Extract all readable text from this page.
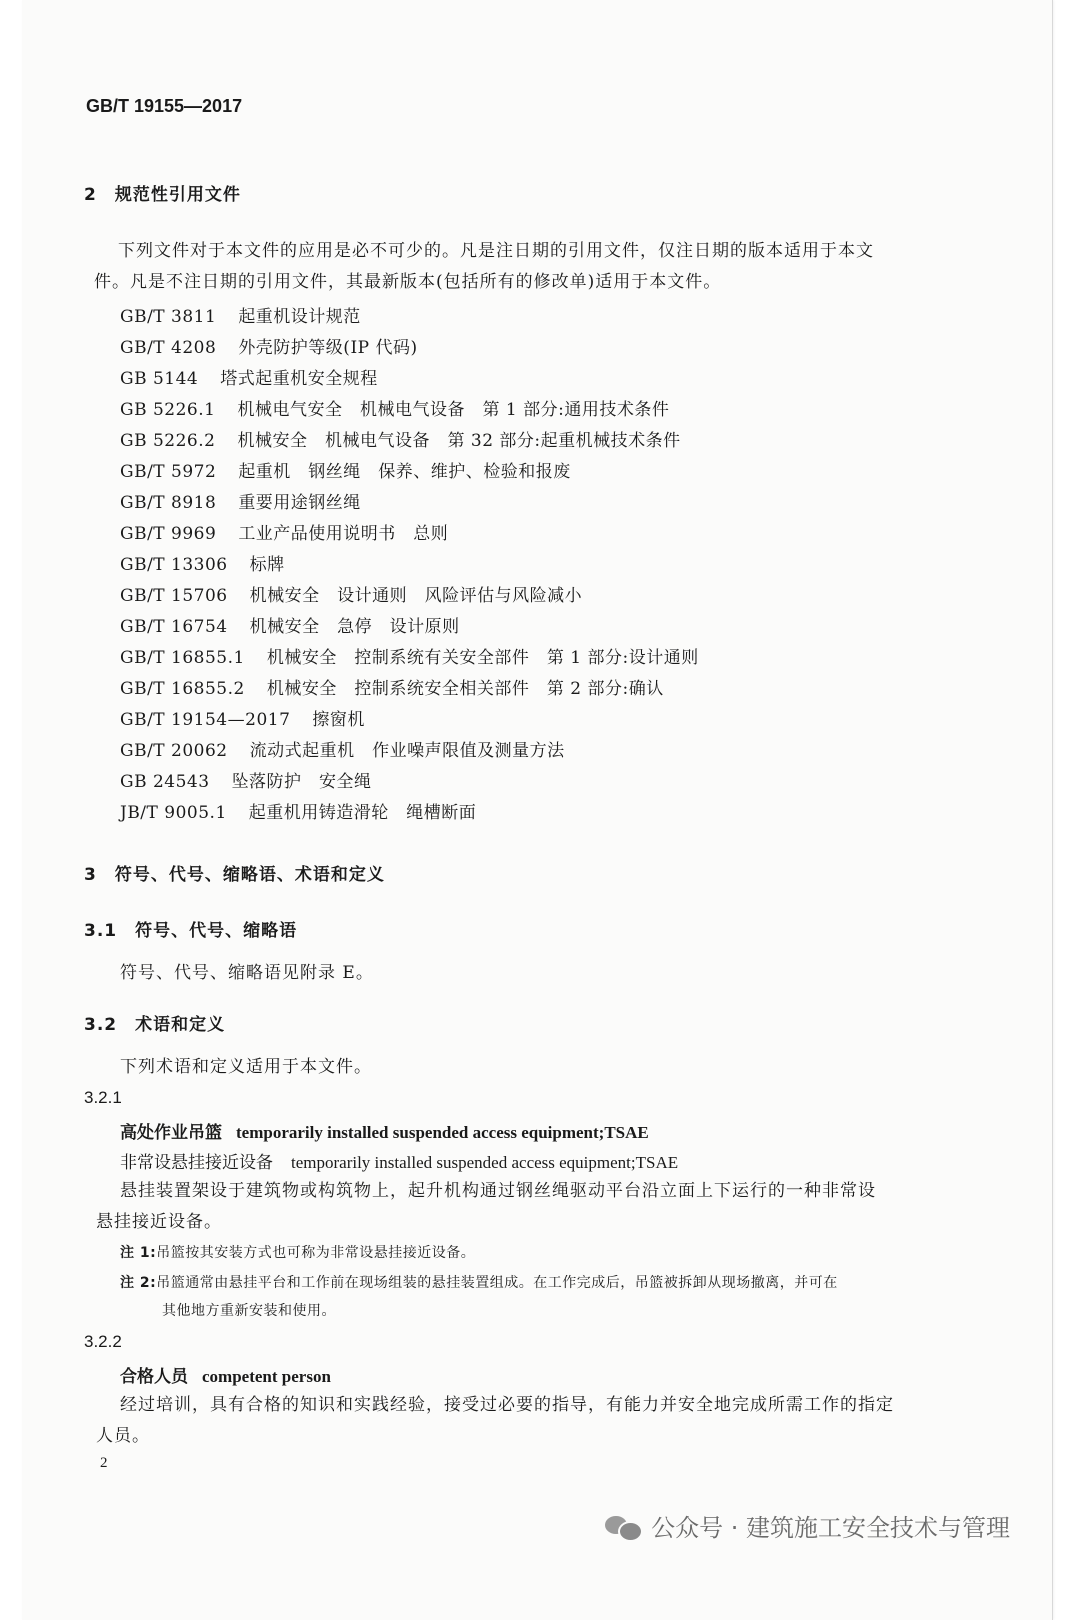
GB/T 19155—2017
2　规范性引用文件
下列文件对于本文件的应用是必不可少的。凡是注日期的引用文件，仅注日期的版本适用于本文
件。凡是不注日期的引用文件，其最新版本(包括所有的修改单)适用于本文件。
GB/T 3811 起重机设计规范
GB/T 4208 外壳防护等级(IP 代码)
GB 5144 塔式起重机安全规程
GB 5226.1 机械电气安全　机械电气设备　第 1 部分:通用技术条件
GB 5226.2 机械安全　机械电气设备　第 32 部分:起重机械技术条件
GB/T 5972 起重机　钢丝绳　保养、维护、检验和报废
GB/T 8918 重要用途钢丝绳
GB/T 9969 工业产品使用说明书　总则
GB/T 13306 标牌
GB/T 15706 机械安全　设计通则　风险评估与风险减小
GB/T 16754 机械安全　急停　设计原则
GB/T 16855.1 机械安全　控制系统有关安全部件　第 1 部分:设计通则
GB/T 16855.2 机械安全　控制系统安全相关部件　第 2 部分:确认
GB/T 19154—2017 擦窗机
GB/T 20062 流动式起重机　作业噪声限值及测量方法
GB 24543 坠落防护　安全绳
JB/T 9005.1 起重机用铸造滑轮　绳槽断面
3　符号、代号、缩略语、术语和定义
3.1　符号、代号、缩略语
符号、代号、缩略语见附录 E。
3.2　术语和定义
下列术语和定义适用于本文件。
3.2.1
高处作业吊篮 temporarily installed suspended access equipment;TSAE
非常设悬挂接近设备 temporarily installed suspended access equipment;TSAE
悬挂装置架设于建筑物或构筑物上，起升机构通过钢丝绳驱动平台沿立面上下运行的一种非常设
悬挂接近设备。
注 1:吊篮按其安装方式也可称为非常设悬挂接近设备。
注 2:吊篮通常由悬挂平台和工作前在现场组装的悬挂装置组成。在工作完成后，吊篮被拆卸从现场撤离，并可在
其他地方重新安装和使用。
3.2.2
合格人员 competent person
经过培训，具有合格的知识和实践经验，接受过必要的指导，有能力并安全地完成所需工作的指定
人员。
2
公众号 · 建筑施工安全技术与管理
